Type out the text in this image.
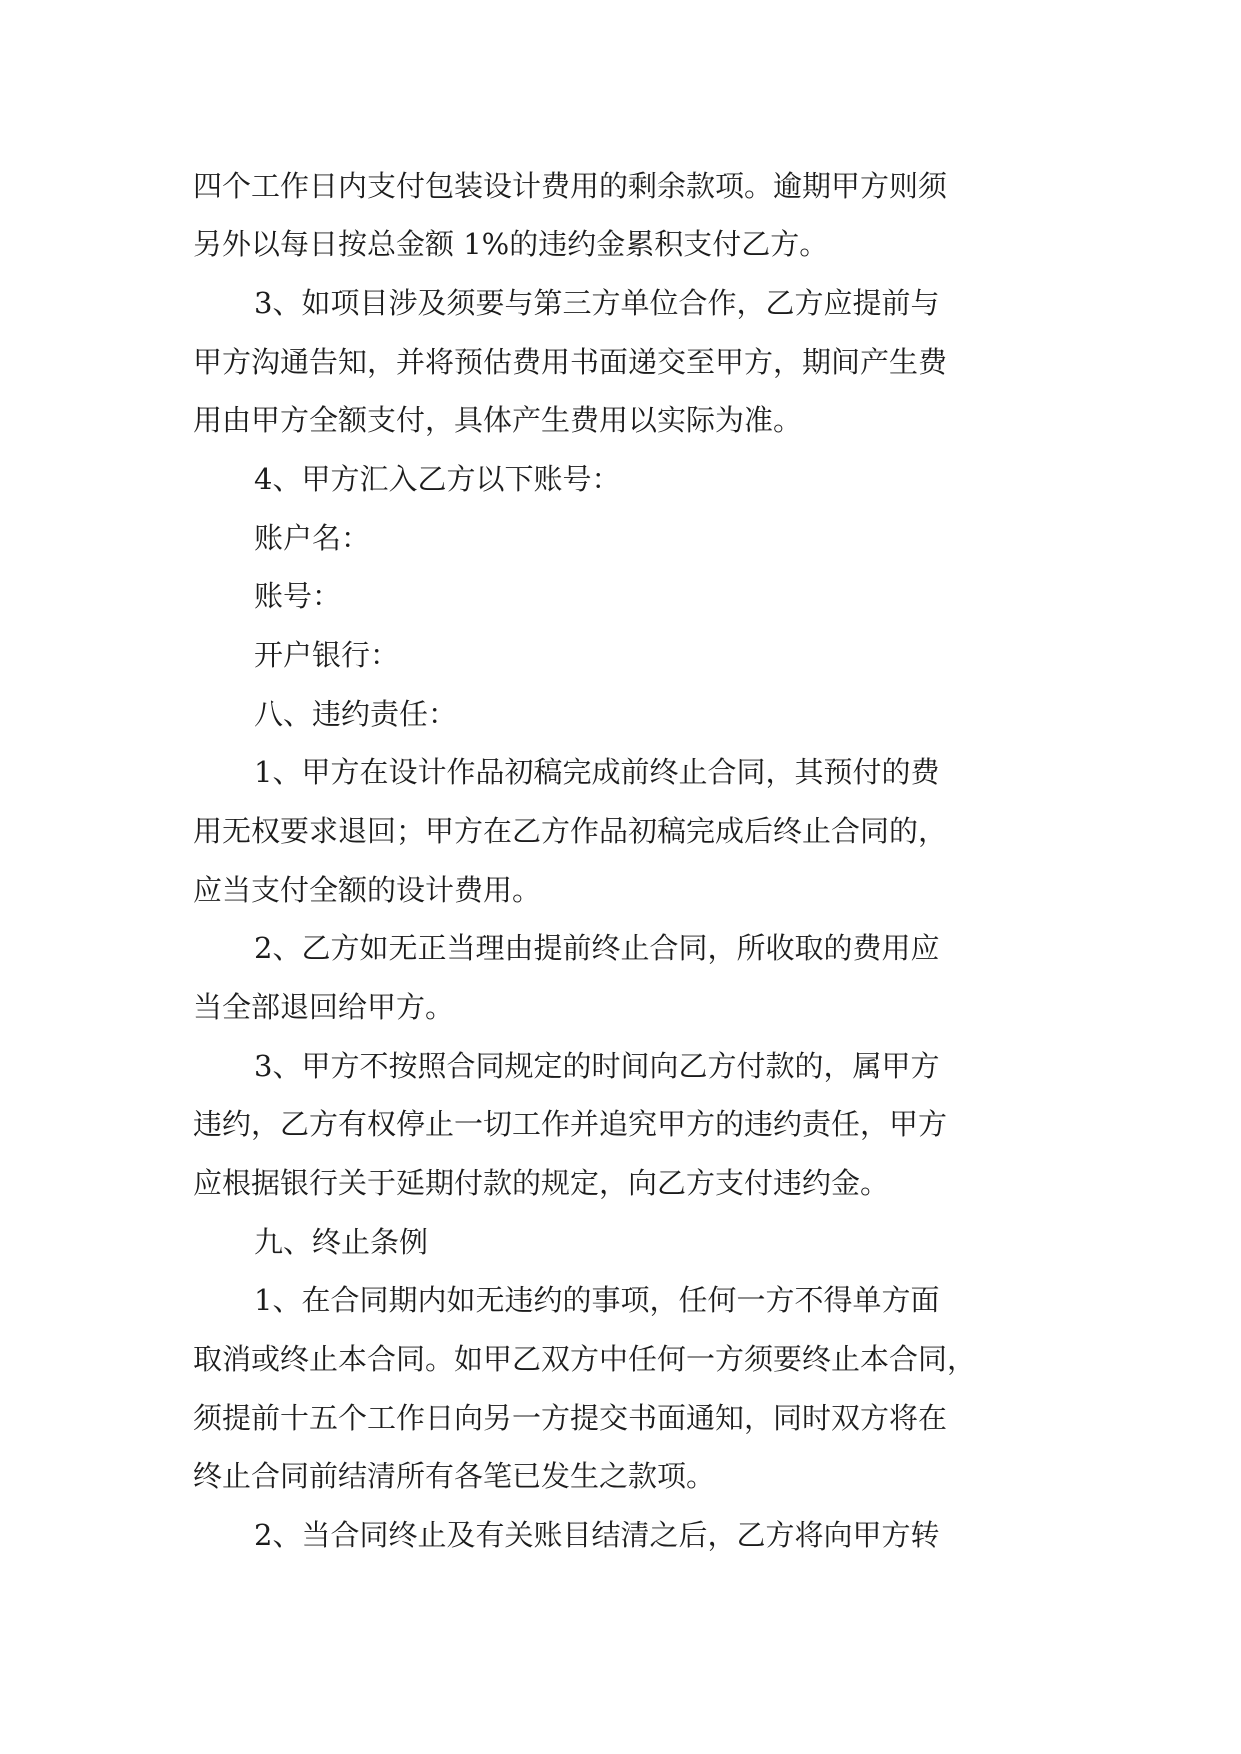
四个工作日内支付包装设计费用的剩余款项。逾期甲方则须

另外以每日按总金额 1%的违约金累积支付乙方。

3、如项目涉及须要与第三方单位合作，乙方应提前与

甲方沟通告知，并将预估费用书面递交至甲方，期间产生费

用由甲方全额支付，具体产生费用以实际为准。

4、甲方汇入乙方以下账号：

账户名：

账号：

开户银行：

八、违约责任：

1、甲方在设计作品初稿完成前终止合同，其预付的费

用无权要求退回；甲方在乙方作品初稿完成后终止合同的，

应当支付全额的设计费用。

2、乙方如无正当理由提前终止合同，所收取的费用应

当全部退回给甲方。

3、甲方不按照合同规定的时间向乙方付款的，属甲方

违约，乙方有权停止一切工作并追究甲方的违约责任，甲方

应根据银行关于延期付款的规定，向乙方支付违约金。

九、终止条例

1、在合同期内如无违约的事项，任何一方不得单方面

取消或终止本合同。如甲乙双方中任何一方须要终止本合同，

须提前十五个工作日向另一方提交书面通知，同时双方将在

终止合同前结清所有各笔已发生之款项。

2、当合同终止及有关账目结清之后，乙方将向甲方转
